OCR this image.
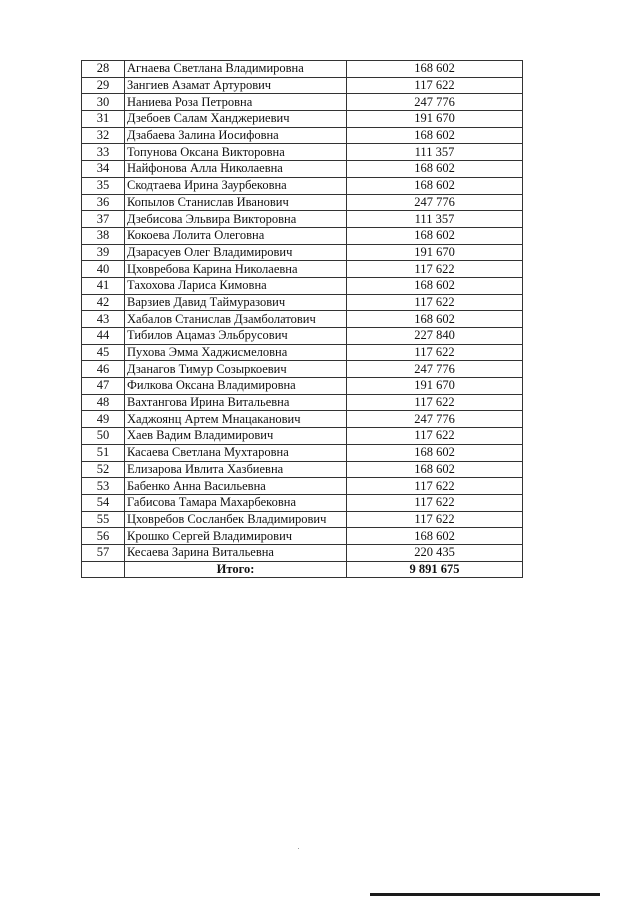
28	Агнаева Светлана Владимировна	168 602
29	Зангиев Азамат Артурович	117 622
30	Наниева Роза Петровна	247 776
31	Дзебоев Салам Ханджериевич	191 670
32	Дзабаева Залина Иосифовна	168 602
33	Топунова Оксана Викторовна	111 357
34	Найфонова Алла Николаевна	168 602
35	Скодтаева Ирина Заурбековна	168 602
36	Копылов Станислав Иванович	247 776
37	Дзебисова Эльвира Викторовна	111 357
38	Кокоева Лолита Олеговна	168 602
39	Дзарасуев Олег Владимирович	191 670
40	Цховребова Карина Николаевна	117 622
41	Тахохова Лариса Кимовна	168 602
42	Варзиев Давид Таймуразович	117 622
43	Хабалов Станислав Дзамболатович	168 602
44	Тибилов Ацамаз Эльбрусович	227 840
45	Пухова Эмма Хаджисмеловна	117 622
46	Дзанагов Тимур Созыркоевич	247 776
47	Филкова Оксана Владимировна	191 670
48	Вахтангова Ирина Витальевна	117 622
49	Хаджоянц Артем Мнацаканович	247 776
50	Хаев Вадим Владимирович	117 622
51	Касаева Светлана Мухтаровна	168 602
52	Елизарова Ивлита Хазбиевна	168 602
53	Бабенко Анна Васильевна	117 622
54	Габисова Тамара Махарбековна	117 622
55	Цховребов Сосланбек Владимирович	117 622
56	Крошко Сергей Владимирович	168 602
57	Кесаева Зарина Витальевна	220 435
	Итого:	9 891 675
